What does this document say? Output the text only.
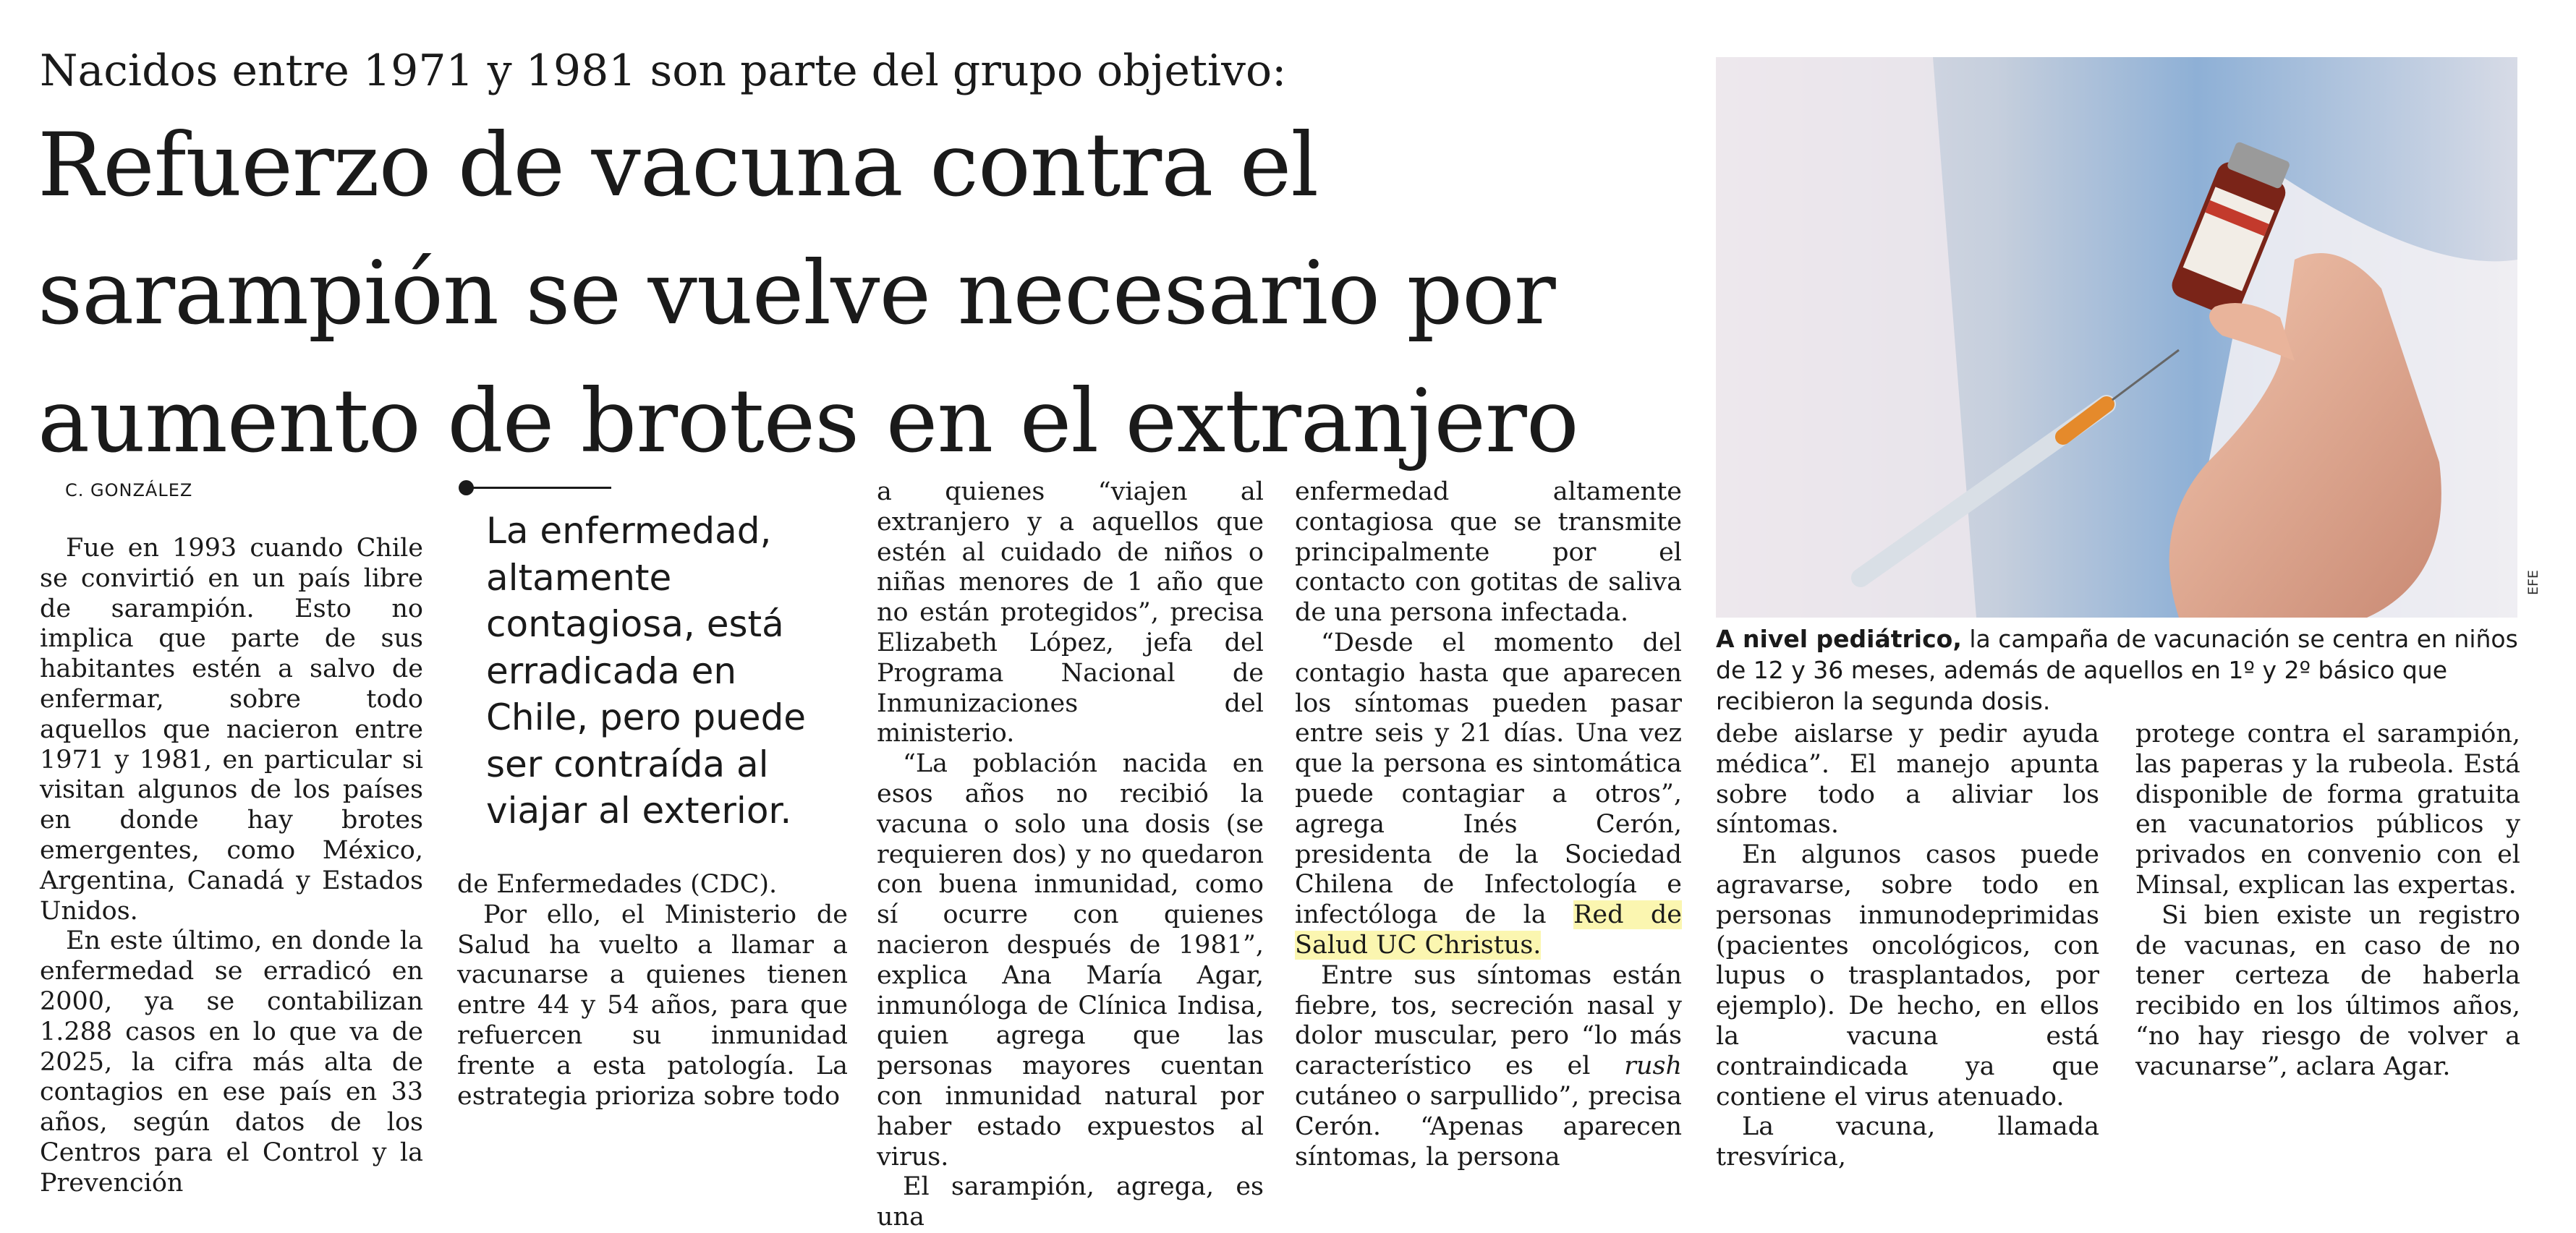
Nacidos entre 1971 y 1981 son parte del grupo objetivo:
Refuerzo de vacuna contra el
sarampión se vuelve necesario por
aumento de brotes en el extranjero
C. GONZÁLEZ

Fue en 1993 cuando Chile se convirtió en un país libre de sarampión. Esto no implica que parte de sus habitantes estén a salvo de enfermar, sobre todo aquellos que nacieron entre 1971 y 1981, en particular si visitan algunos de los países en donde hay brotes emergentes, como México, Argentina, Canadá y Estados Unidos.

En este último, en donde la enfermedad se erradicó en 2000, ya se contabilizan 1.288 casos en lo que va de 2025, la cifra más alta de contagios en ese país en 33 años, según datos de los Centros para el Control y la Prevención

La enfermedad,
altamente
contagiosa, está
erradicada en
Chile, pero puede
ser contraída al
viajar al exterior.

de Enfermedades (CDC).

Por ello, el Ministerio de Salud ha vuelto a llamar a vacunarse a quienes tienen entre 44 y 54 años, para que refuercen su inmunidad frente a esta patología. La estrategia prioriza sobre todo

a quienes “viajen al extranjero y a aquellos que estén al cuidado de niños o niñas menores de 1 año que no están protegidos”, precisa Elizabeth López, jefa del Programa Nacional de Inmunizaciones del ministerio.

“La población nacida en esos años no recibió la vacuna o solo una dosis (se requieren dos) y no quedaron con buena inmunidad, como sí ocurre con quienes nacieron después de 1981”, explica Ana María Agar, inmunóloga de Clínica Indisa, quien agrega que las personas mayores cuentan con inmunidad natural por haber estado expuestos al virus.

El sarampión, agrega, es una

enfermedad altamente contagiosa que se transmite principalmente por el contacto con gotitas de saliva de una persona infectada.

“Desde el momento del contagio hasta que aparecen los síntomas pueden pasar entre seis y 21 días. Una vez que la persona es sintomática puede contagiar a otros”, agrega Inés Cerón, presidenta de la Sociedad Chilena de Infectología e infectóloga de la Red de Salud UC Christus.

Entre sus síntomas están fiebre, tos, secreción nasal y dolor muscular, pero “lo más característico es el rush cutáneo o sarpullido”, precisa Cerón. “Apenas aparecen síntomas, la persona

EFE
A nivel pediátrico, la campaña de vacunación se centra en niños de 12 y 36 meses, además de aquellos en 1º y 2º básico que recibieron la segunda dosis.

debe aislarse y pedir ayuda médica”. El manejo apunta sobre todo a aliviar los síntomas.

En algunos casos puede agravarse, sobre todo en personas inmunodeprimidas (pacientes oncológicos, con lupus o trasplantados, por ejemplo). De hecho, en ellos la vacuna está contraindicada ya que contiene el virus atenuado.

La vacuna, llamada tresvírica,

protege contra el sarampión, las paperas y la rubeola. Está disponible de forma gratuita en vacunatorios públicos y privados en convenio con el Minsal, explican las expertas.

Si bien existe un registro de vacunas, en caso de no tener certeza de haberla recibido en los últimos años, “no hay riesgo de volver a vacunarse”, aclara Agar.
